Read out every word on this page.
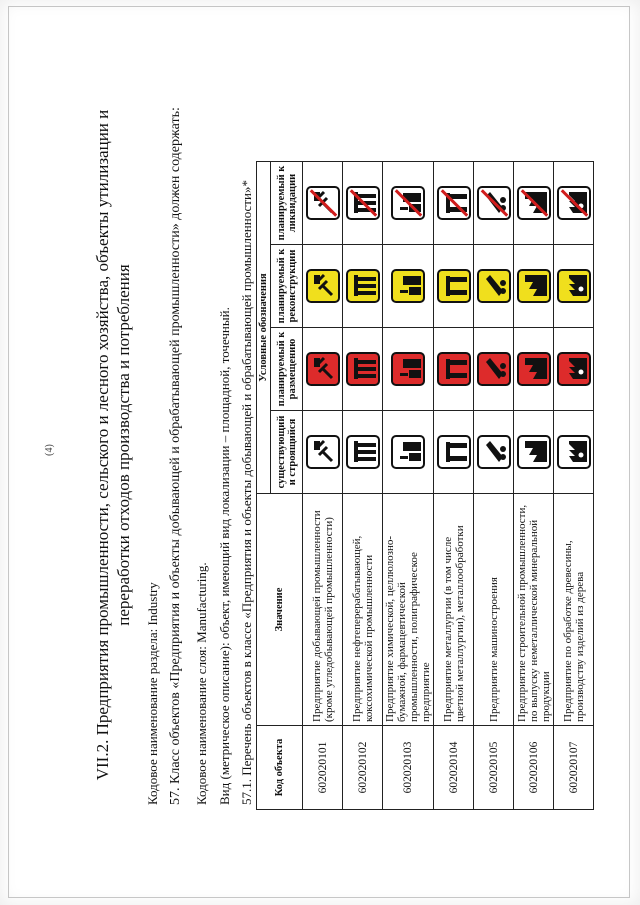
(4) VII.2. Предприятия промышленности, сельского и лесного хозяйства, объекты утилизации и переработки отходов производства и потребления
Кодовое наименование раздела: Industry 57. Класс объектов «Предприятия и объекты добывающей и обрабатывающей промышленности» должен содержать: Кодовое наименование слоя: Manufacturing. Вид (метрическое описание): объект, имеющий вид локализации – площадной, точечный. 57.1. Перечень объектов в классе «Предприятия и объекты добывающей и обрабатывающей промышленности»* Код объекта	Значение	Условные обозначения			
		существующий и строящийся	планируемый к размещению	планируемый к реконструкции	планируемый к ликвидации
602020101	Предприятие добывающей промышленности (кроме угледобывающей промышленности)	

602020102	Предприятие нефтеперерабатывающей, коксохимической промышленности	

602020103	Предприятие химической, целлюлозно-бумажной, фармацевтической промышленности, полиграфическое предприятие	

602020104	Предприятие металлургии (в том числе цветной металлургии), металлообработки	

602020105	Предприятие машиностроения	

602020106	Предприятие строительной промышленности, по выпуску неметаллической минеральной продукции	

602020107	Предприятие по обработке древесины, производству изделий из дерева	
